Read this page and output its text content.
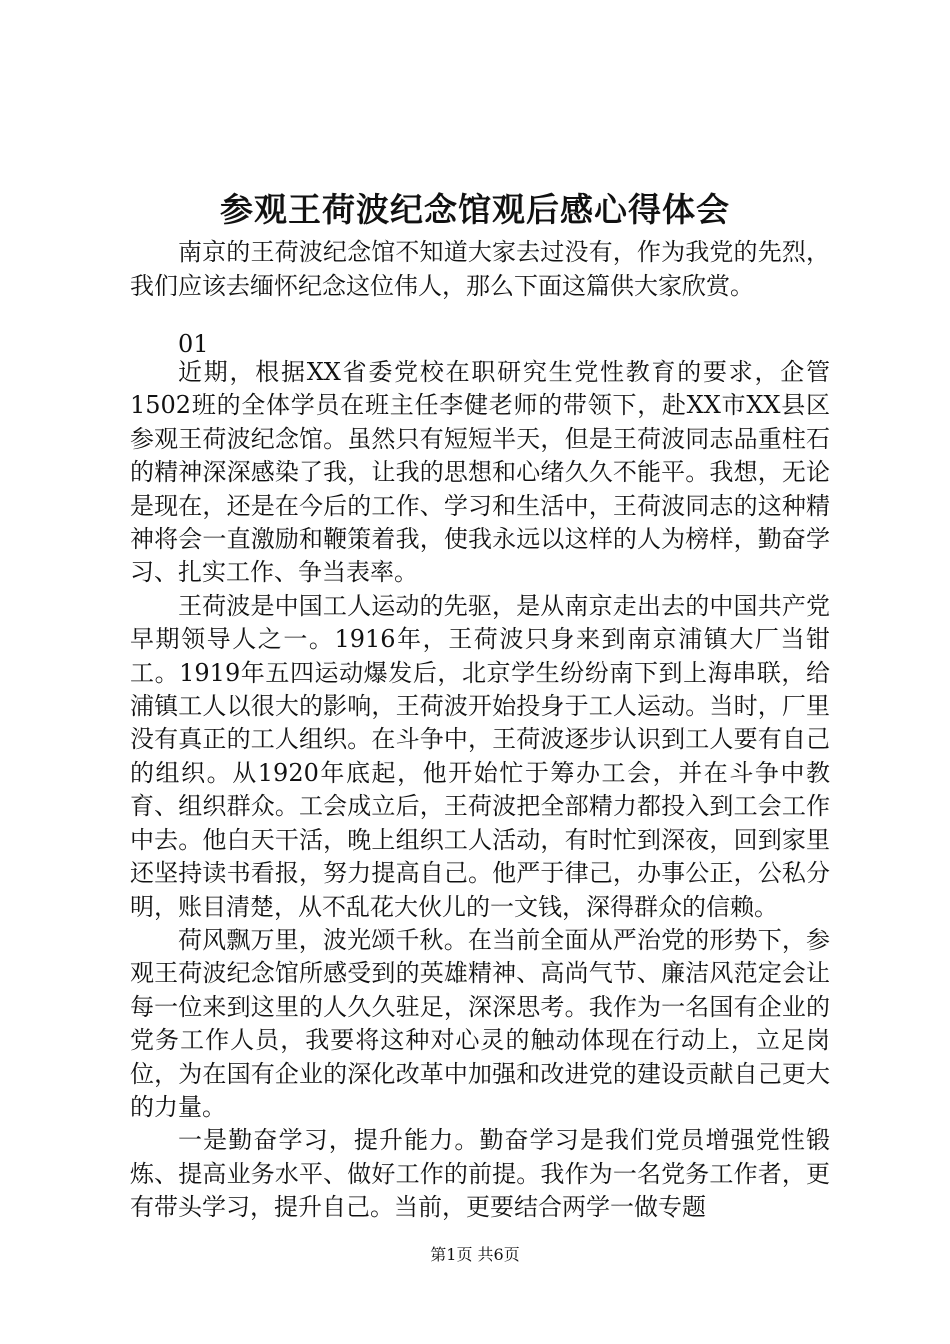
参观王荷波纪念馆观后感心得体会

南京的王荷波纪念馆不知道大家去过没有，作为我党的先烈，我们应该去缅怀纪念这位伟人，那么下面这篇供大家欣赏。

01

近期，根据XX省委党校在职研究生党性教育的要求，企管1502班的全体学员在班主任李健老师的带领下，赴XX市XX县区参观王荷波纪念馆。虽然只有短短半天，但是王荷波同志品重柱石的精神深深感染了我，让我的思想和心绪久久不能平。我想，无论是现在，还是在今后的工作、学习和生活中，王荷波同志的这种精神将会一直激励和鞭策着我，使我永远以这样的人为榜样，勤奋学习、扎实工作、争当表率。

王荷波是中国工人运动的先驱，是从南京走出去的中国共产党早期领导人之一。1916年，王荷波只身来到南京浦镇大厂当钳工。1919年五四运动爆发后，北京学生纷纷南下到上海串联，给浦镇工人以很大的影响，王荷波开始投身于工人运动。当时，厂里没有真正的工人组织。在斗争中，王荷波逐步认识到工人要有自己的组织。从1920年底起，他开始忙于筹办工会，并在斗争中教育、组织群众。工会成立后，王荷波把全部精力都投入到工会工作中去。他白天干活，晚上组织工人活动，有时忙到深夜，回到家里还坚持读书看报，努力提高自己。他严于律己，办事公正，公私分明，账目清楚，从不乱花大伙儿的一文钱，深得群众的信赖。

荷风飘万里，波光颂千秋。在当前全面从严治党的形势下，参观王荷波纪念馆所感受到的英雄精神、高尚气节、廉洁风范定会让每一位来到这里的人久久驻足，深深思考。我作为一名国有企业的党务工作人员，我要将这种对心灵的触动体现在行动上，立足岗位，为在国有企业的深化改革中加强和改进党的建设贡献自己更大的力量。

一是勤奋学习，提升能力。勤奋学习是我们党员增强党性锻炼、提高业务水平、做好工作的前提。我作为一名党务工作者，更有带头学习，提升自己。当前，更要结合两学一做专题

第1页 共6页
